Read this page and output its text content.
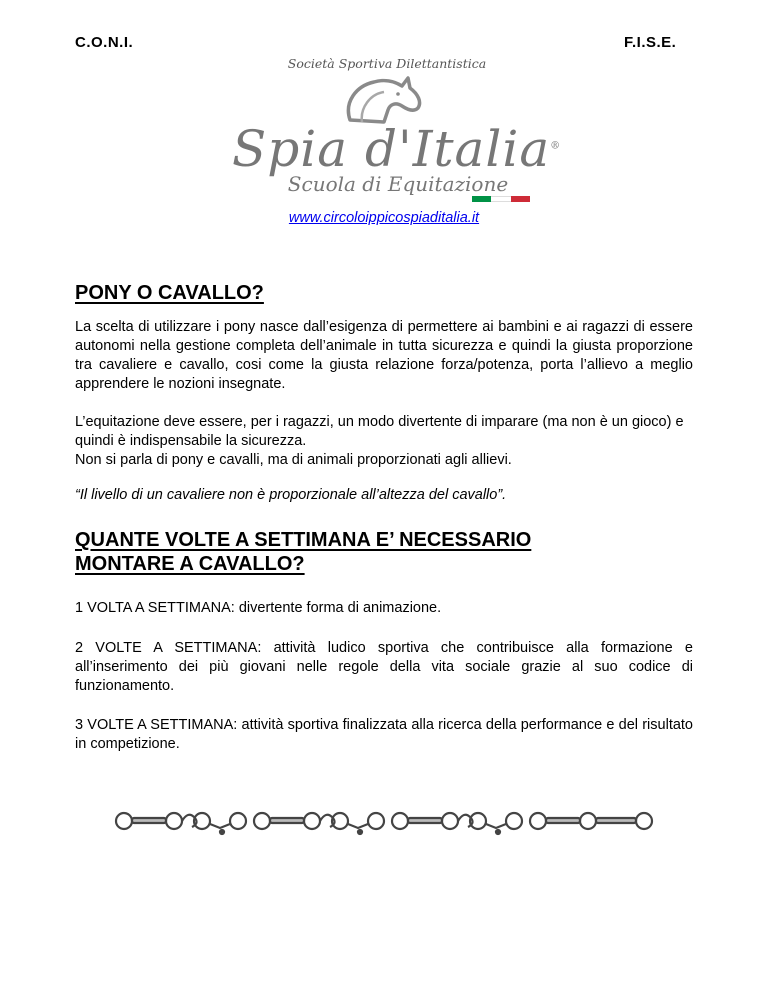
C.O.N.I.	F.I.S.E.
Società Sportiva Dilettantistica
Spia d'Italia®
Scuola di Equitazione
www.circoloippicospiaditalia.it
PONY O CAVALLO?

La scelta di utilizzare i pony nasce dall’esigenza di permettere ai bambini e ai ragazzi di essere autonomi nella gestione completa dell’animale in tutta sicurezza e quindi la giusta proporzione tra cavaliere e cavallo, cosi come la giusta relazione forza/potenza, porta l’allievo a meglio apprendere le nozioni insegnate.

L’equitazione deve essere, per i ragazzi, un modo divertente di imparare (ma non è un gioco) e quindi è indispensabile la sicurezza.

Non si parla di pony e cavalli, ma di animali proporzionati agli allievi.

“Il livello di un cavaliere non è proporzionale all’altezza del cavallo”.

QUANTE VOLTE A SETTIMANA E’ NECESSARIO
MONTARE A CAVALLO?

1 VOLTA A SETTIMANA: divertente forma di animazione.

2 VOLTE A SETTIMANA: attività ludico sportiva che contribuisce alla formazione e all’inserimento dei più giovani nelle regole della vita sociale grazie al suo codice di funzionamento.

3 VOLTE A SETTIMANA: attività sportiva finalizzata alla ricerca della performance e del risultato in competizione.
